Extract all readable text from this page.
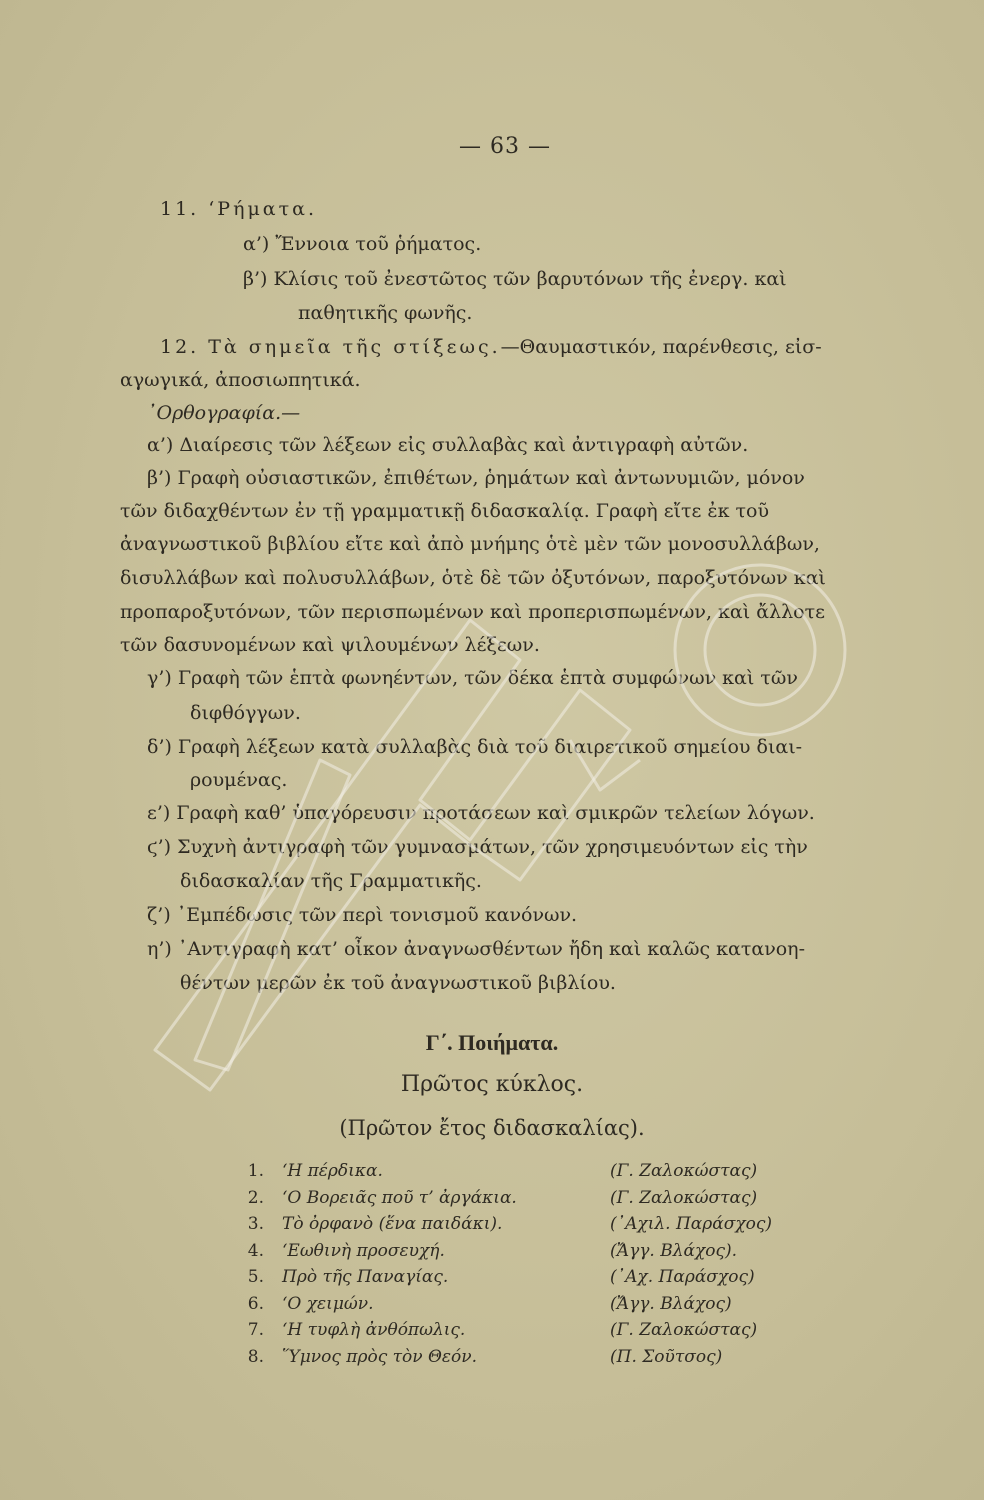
— 63 —
11. ‘Ρήματα.
α’) Ἔννοια τοῦ ῥήματος.
β’) Κλίσις τοῦ ἐνεστῶτος τῶν βαρυτόνων τῆς ἐνεργ. καὶ
παθητικῆς φωνῆς.
12. Τὰ σημεῖα τῆς στίξεως.—Θαυμαστικόν, παρένθεσις, εἰσ-
αγωγικά, ἀποσιωπητικά.
᾿Ορθογραφία.—
α’) Διαίρεσις τῶν λέξεων εἰς συλλαβὰς καὶ ἀντιγραφὴ αὐτῶν.
β’) Γραφὴ οὐσιαστικῶν, ἐπιθέτων, ῥημάτων καὶ ἀντωνυμιῶν, μόνον
τῶν διδαχθέντων ἐν τῇ γραμματικῇ διδασκαλίᾳ. Γραφὴ εἴτε ἐκ τοῦ
ἀναγνωστικοῦ βιβλίου εἴτε καὶ ἀπὸ μνήμης ὁτὲ μὲν τῶν μονοσυλλάβων,
δισυλλάβων καὶ πολυσυλλάβων, ὁτὲ δὲ τῶν ὀξυτόνων, παροξυτόνων καὶ
προπαροξυτόνων, τῶν περισπωμένων καὶ προπερισπωμένων, καὶ ἄλλοτε
τῶν δασυνομένων καὶ ψιλουμένων λέξεων.
γ’) Γραφὴ τῶν ἑπτὰ φωνηέντων, τῶν δέκα ἑπτὰ συμφώνων καὶ τῶν
διφθόγγων.
δ’) Γραφὴ λέξεων κατὰ συλλαβὰς διὰ τοῦ διαιρετικοῦ σημείου διαι-
ρουμένας.
ε’) Γραφὴ καθ’ ὑπαγόρευσιν προτάσεων καὶ σμικρῶν τελείων λόγων.
ϛ’) Συχνὴ ἀντιγραφὴ τῶν γυμνασμάτων, τῶν χρησιμευόντων εἰς τὴν
διδασκαλίαν τῆς Γραμματικῆς.
ζ’) ᾿Εμπέδωσις τῶν περὶ τονισμοῦ κανόνων.
η’) ᾿Αντιγραφὴ κατ’ οἶκον ἀναγνωσθέντων ἤδη καὶ καλῶς κατανοη-
θέντων μερῶν ἐκ τοῦ ἀναγνωστικοῦ βιβλίου.
Γ΄. Ποιήματα.
Πρῶτος κύκλος.
(Πρῶτον ἔτος διδασκαλίας).
1. ‘Η πέρδικα.	(Γ. Ζαλοκώστας)
2. ‘Ο Βορειᾶς ποῦ τ’ ἀργάκια.	(Γ. Ζαλοκώστας)
3. Τὸ ὀρφανὸ (ἕνα παιδάκι).	(᾿Αχιλ. Παράσχος)
4. ‘Εωθινὴ προσευχή.	(Ἄγγ. Βλάχος).
5. Πρὸ τῆς Παναγίας.	(᾿Αχ. Παράσχος)
6. ‘Ο χειμών.	(Ἄγγ. Βλάχος)
7. ‘Η τυφλὴ ἀνθόπωλις.	(Γ. Ζαλοκώστας)
8. Ὕμνος πρὸς τὸν Θεόν.	(Π. Σοῦτσος)
